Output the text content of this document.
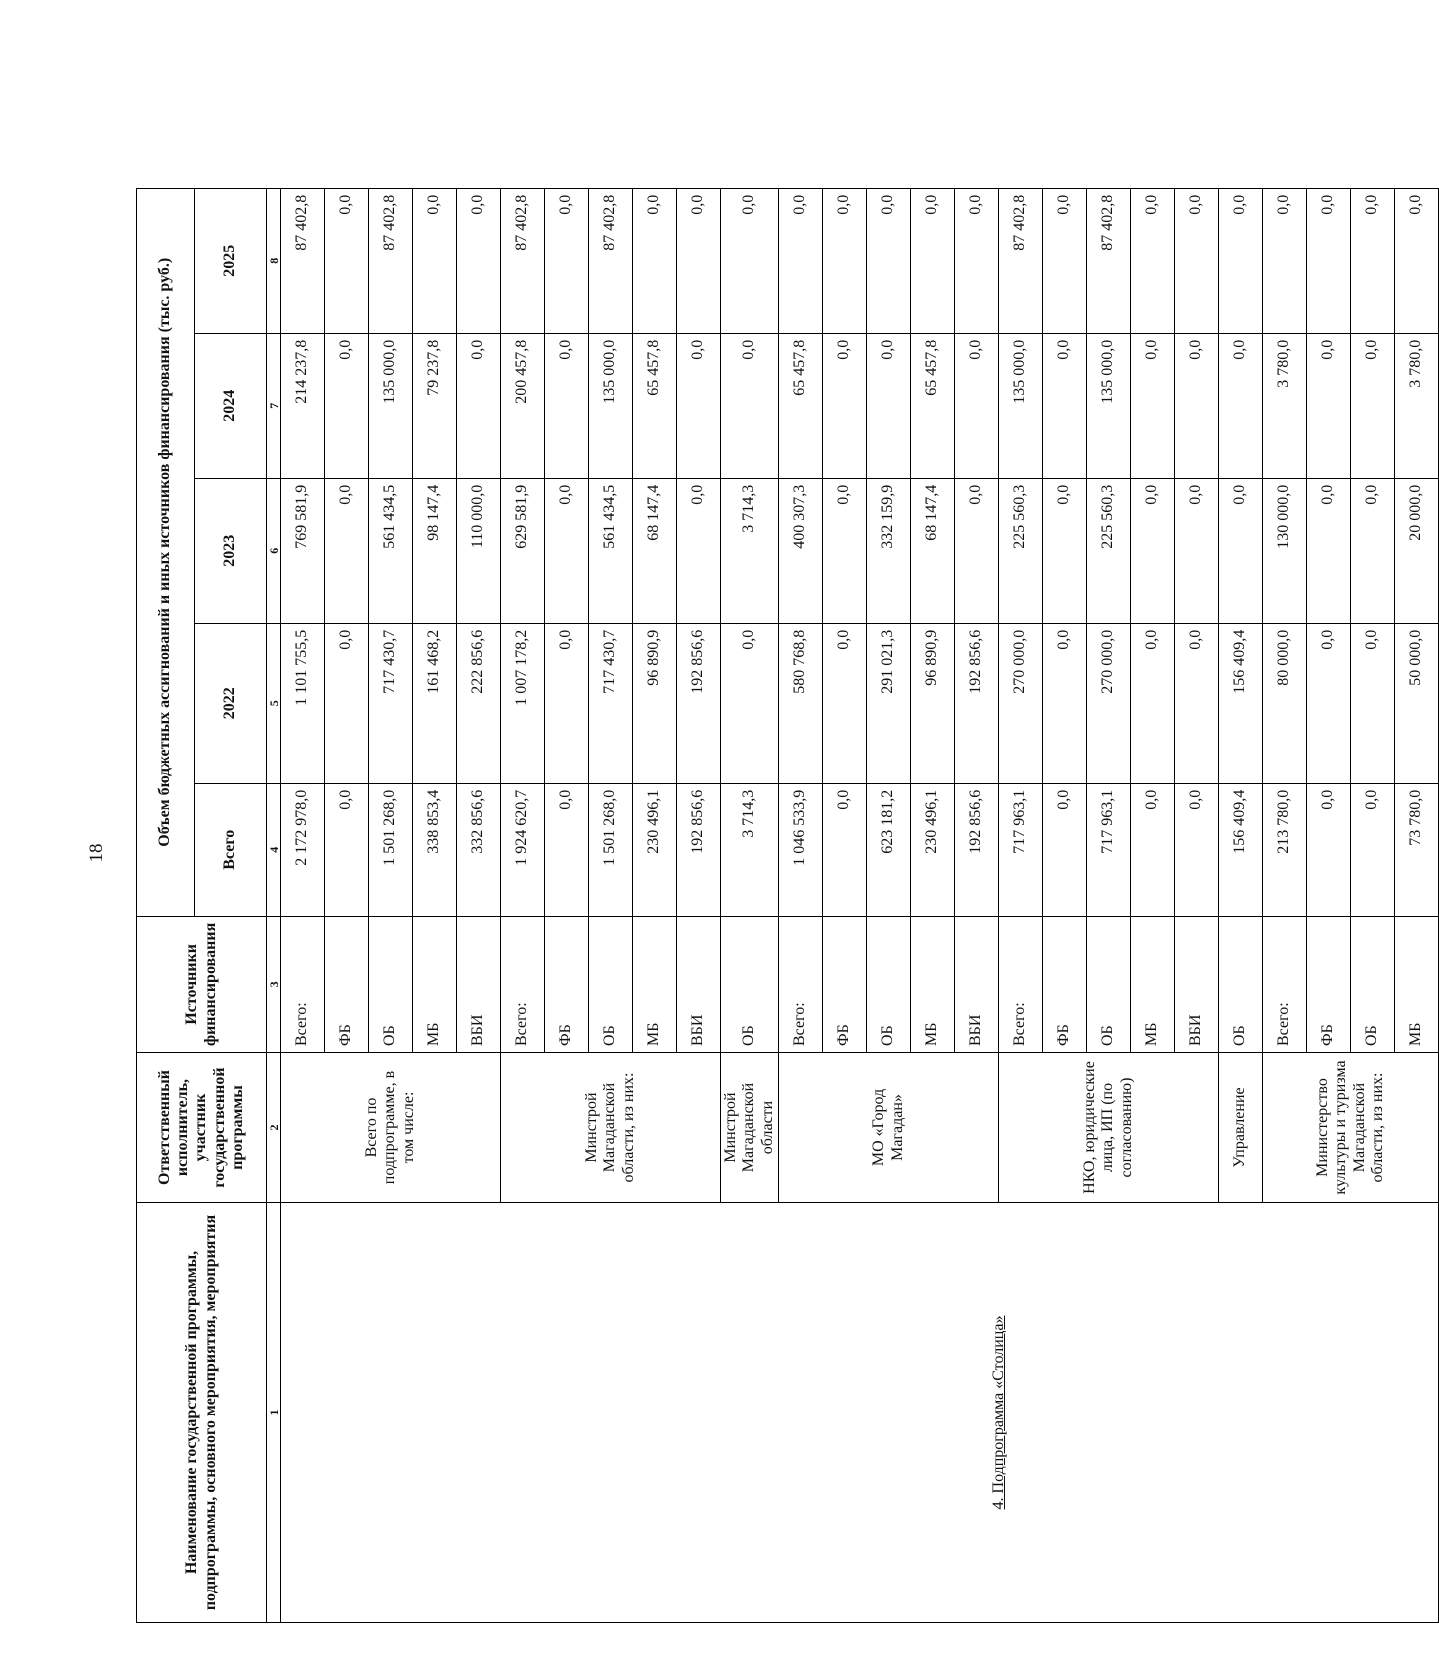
18
Наименование государственной программы, подпрограммы, основного мероприятия, мероприятия	Ответственный исполнитель, участник государственной программы	Источники финансирования	Объем бюджетных ассигнований и иных источников финансирования (тыс. руб.)				
			Всего	2022	2023	2024	2025
1	2	3	4	5	6	7	8
4. Подпрограмма «Столица»	Всего по подпрограмме, в том числе:	Всего:	2 172 978,0	1 101 755,5	769 581,9	214 237,8	87 402,8
		ФБ	0,0	0,0	0,0	0,0	0,0
		ОБ	1 501 268,0	717 430,7	561 434,5	135 000,0	87 402,8
		МБ	338 853,4	161 468,2	98 147,4	79 237,8	0,0
		ВБИ	332 856,6	222 856,6	110 000,0	0,0	0,0
	Минстрой Магаданской области, из них:	Всего:	1 924 620,7	1 007 178,2	629 581,9	200 457,8	87 402,8
		ФБ	0,0	0,0	0,0	0,0	0,0
		ОБ	1 501 268,0	717 430,7	561 434,5	135 000,0	87 402,8
		МБ	230 496,1	96 890,9	68 147,4	65 457,8	0,0
		ВБИ	192 856,6	192 856,6	0,0	0,0	0,0
	Минстрой Магаданской области	ОБ	3 714,3	0,0	3 714,3	0,0	0,0
	МО «Город Магадан»	Всего:	1 046 533,9	580 768,8	400 307,3	65 457,8	0,0
		ФБ	0,0	0,0	0,0	0,0	0,0
		ОБ	623 181,2	291 021,3	332 159,9	0,0	0,0
		МБ	230 496,1	96 890,9	68 147,4	65 457,8	0,0
		ВБИ	192 856,6	192 856,6	0,0	0,0	0,0
	НКО, юридические лица, ИП (по согласованию)	Всего:	717 963,1	270 000,0	225 560,3	135 000,0	87 402,8
		ФБ	0,0	0,0	0,0	0,0	0,0
		ОБ	717 963,1	270 000,0	225 560,3	135 000,0	87 402,8
		МБ	0,0	0,0	0,0	0,0	0,0
		ВБИ	0,0	0,0	0,0	0,0	0,0
	Управление	ОБ	156 409,4	156 409,4	0,0	0,0	0,0
	Министерство культуры и туризма Магаданской области, из них:	Всего:	213 780,0	80 000,0	130 000,0	3 780,0	0,0
		ФБ	0,0	0,0	0,0	0,0	0,0
		ОБ	0,0	0,0	0,0	0,0	0,0
		МБ	73 780,0	50 000,0	20 000,0	3 780,0	0,0
